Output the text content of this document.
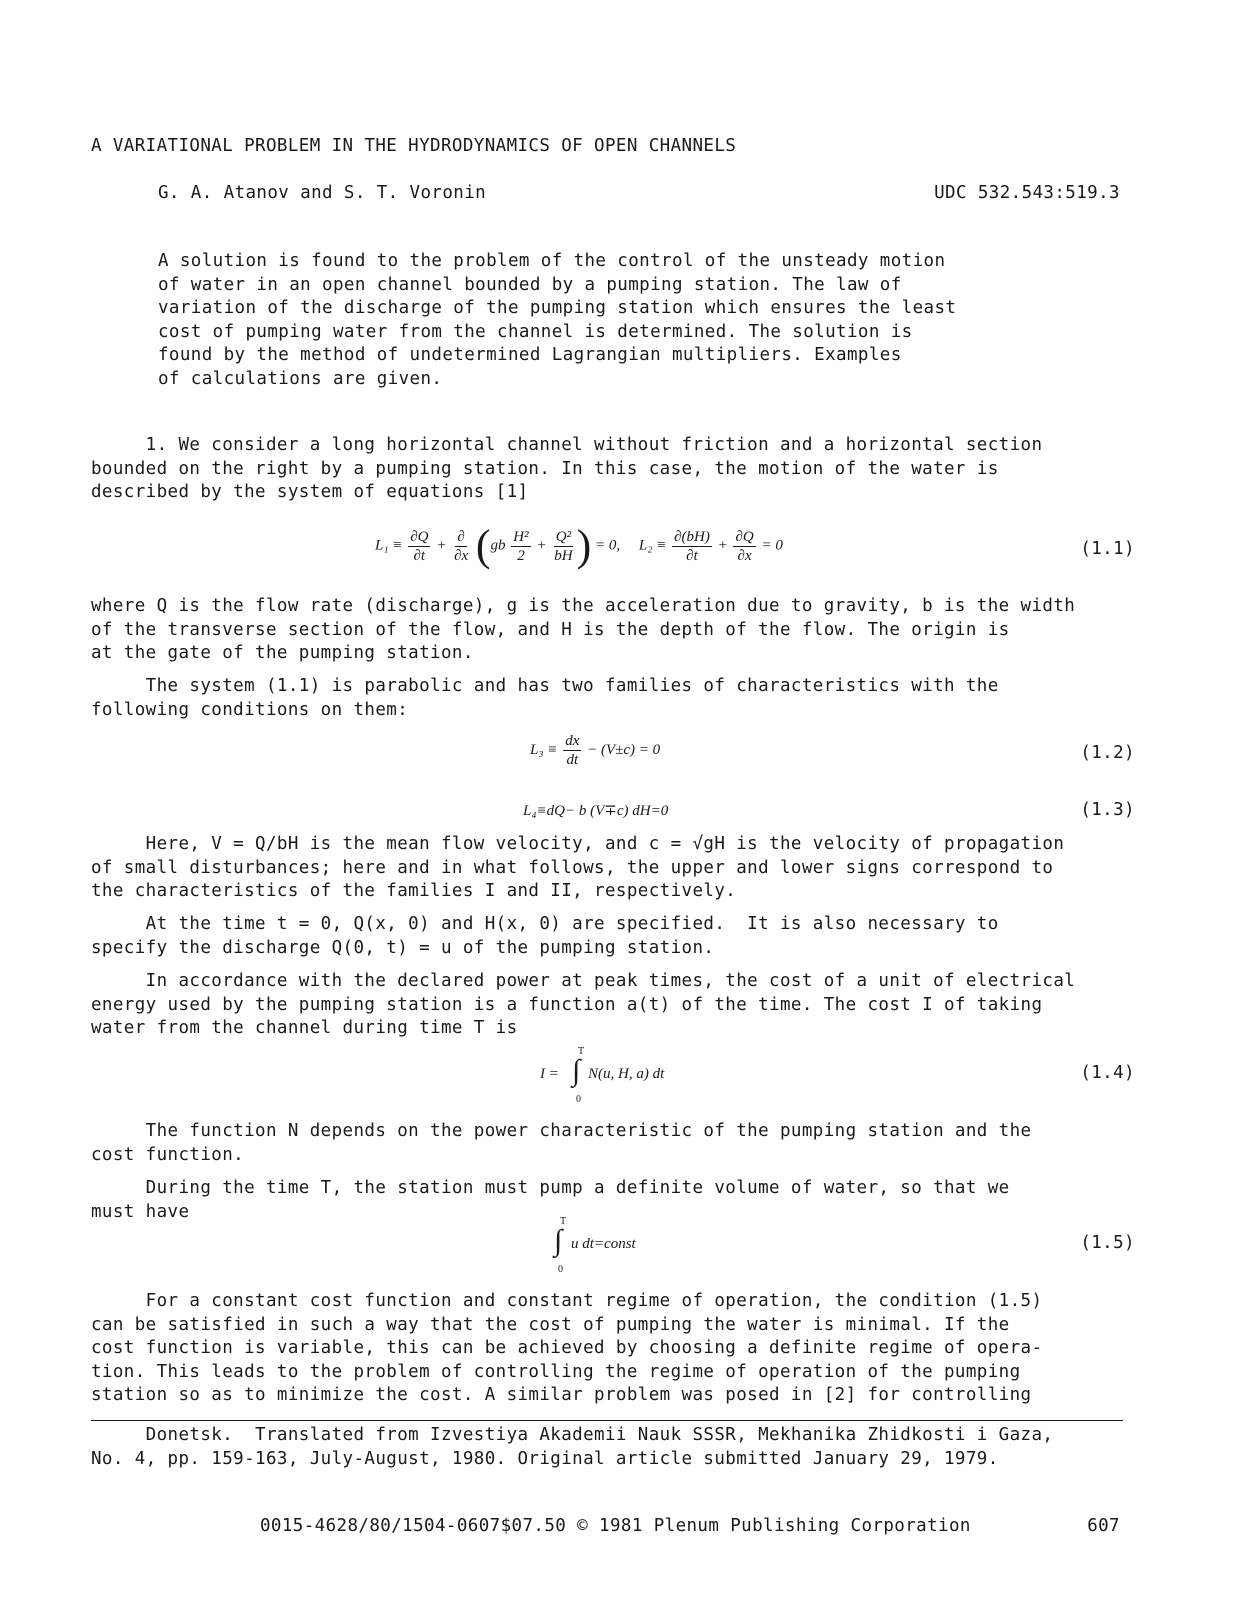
A VARIATIONAL PROBLEM IN THE HYDRODYNAMICS OF OPEN CHANNELS
G. A. Atanov and S. T. Voronin	UDC 532.543:519.3
A solution is found to the problem of the control of the unsteady motion
of water in an open channel bounded by a pumping station. The law of
variation of the discharge of the pumping station which ensures the least
cost of pumping water from the channel is determined. The solution is
found by the method of undetermined Lagrangian multipliers. Examples
of calculations are given.
1. We consider a long horizontal channel without friction and a horizontal section
bounded on the right by a pumping station. In this case, the motion of the water is
described by the system of equations [1]
$L_1 \equiv \frac{\partial Q}{\partial t} + \frac{\partial}{\partial x} (gb \frac{\text{H²}}{2} + \frac{\text{Q²}}{bH}$ ) = 0, $L_2 \equiv \frac{\partial(bH)}{\partial t} + \frac{\partial Q}{\partial x} = 0$	(1.1)
where Q is the flow rate (discharge), g is the acceleration due to gravity, b is the width
of the transverse section of the flow, and H is the depth of the flow. The origin is
at the gate of the pumping station.
The system (1.1) is parabolic and has two families of characteristics with the
following conditions on them:
$L_3 \equiv \frac{dx}{dt} - (V\pm c) = 0$	(1.2)
L₄≡dQ− b (V∓c) dH=0	(1.3)
Here, V = Q/bH is the mean flow velocity, and c = √gH is the velocity of propagation
of small disturbances; here and in what follows, the upper and lower signs correspond to
the characteristics of the families I and II, respectively.
At the time t = 0, Q(x, 0) and H(x, 0) are specified.  It is also necessary to
specify the discharge Q(0, t) = u of the pumping station.
In accordance with the declared power at peak times, the cost of a unit of electrical
energy used by the pumping station is a function a(t) of the time. The cost I of taking
water from the channel during time T is
I =
T
∫
0
N(u, H, a) dt	(1.4)
The function N depends on the power characteristic of the pumping station and the
cost function.
During the time T, the station must pump a definite volume of water, so that we
must have	T
∫
0
u dt=const	(1.5)
For a constant cost function and constant regime of operation, the condition (1.5)
can be satisfied in such a way that the cost of pumping the water is minimal. If the
cost function is variable, this can be achieved by choosing a definite regime of opera-
tion. This leads to the problem of controlling the regime of operation of the pumping
station so as to minimize the cost. A similar problem was posed in [2] for controlling
Donetsk.  Translated from Izvestiya Akademii Nauk SSSR, Mekhanika Zhidkosti i Gaza,
No. 4, pp. 159-163, July-August, 1980. Original article submitted January 29, 1979.
0015-4628/80/1504-0607$07.50 © 1981 Plenum Publishing Corporation	607
